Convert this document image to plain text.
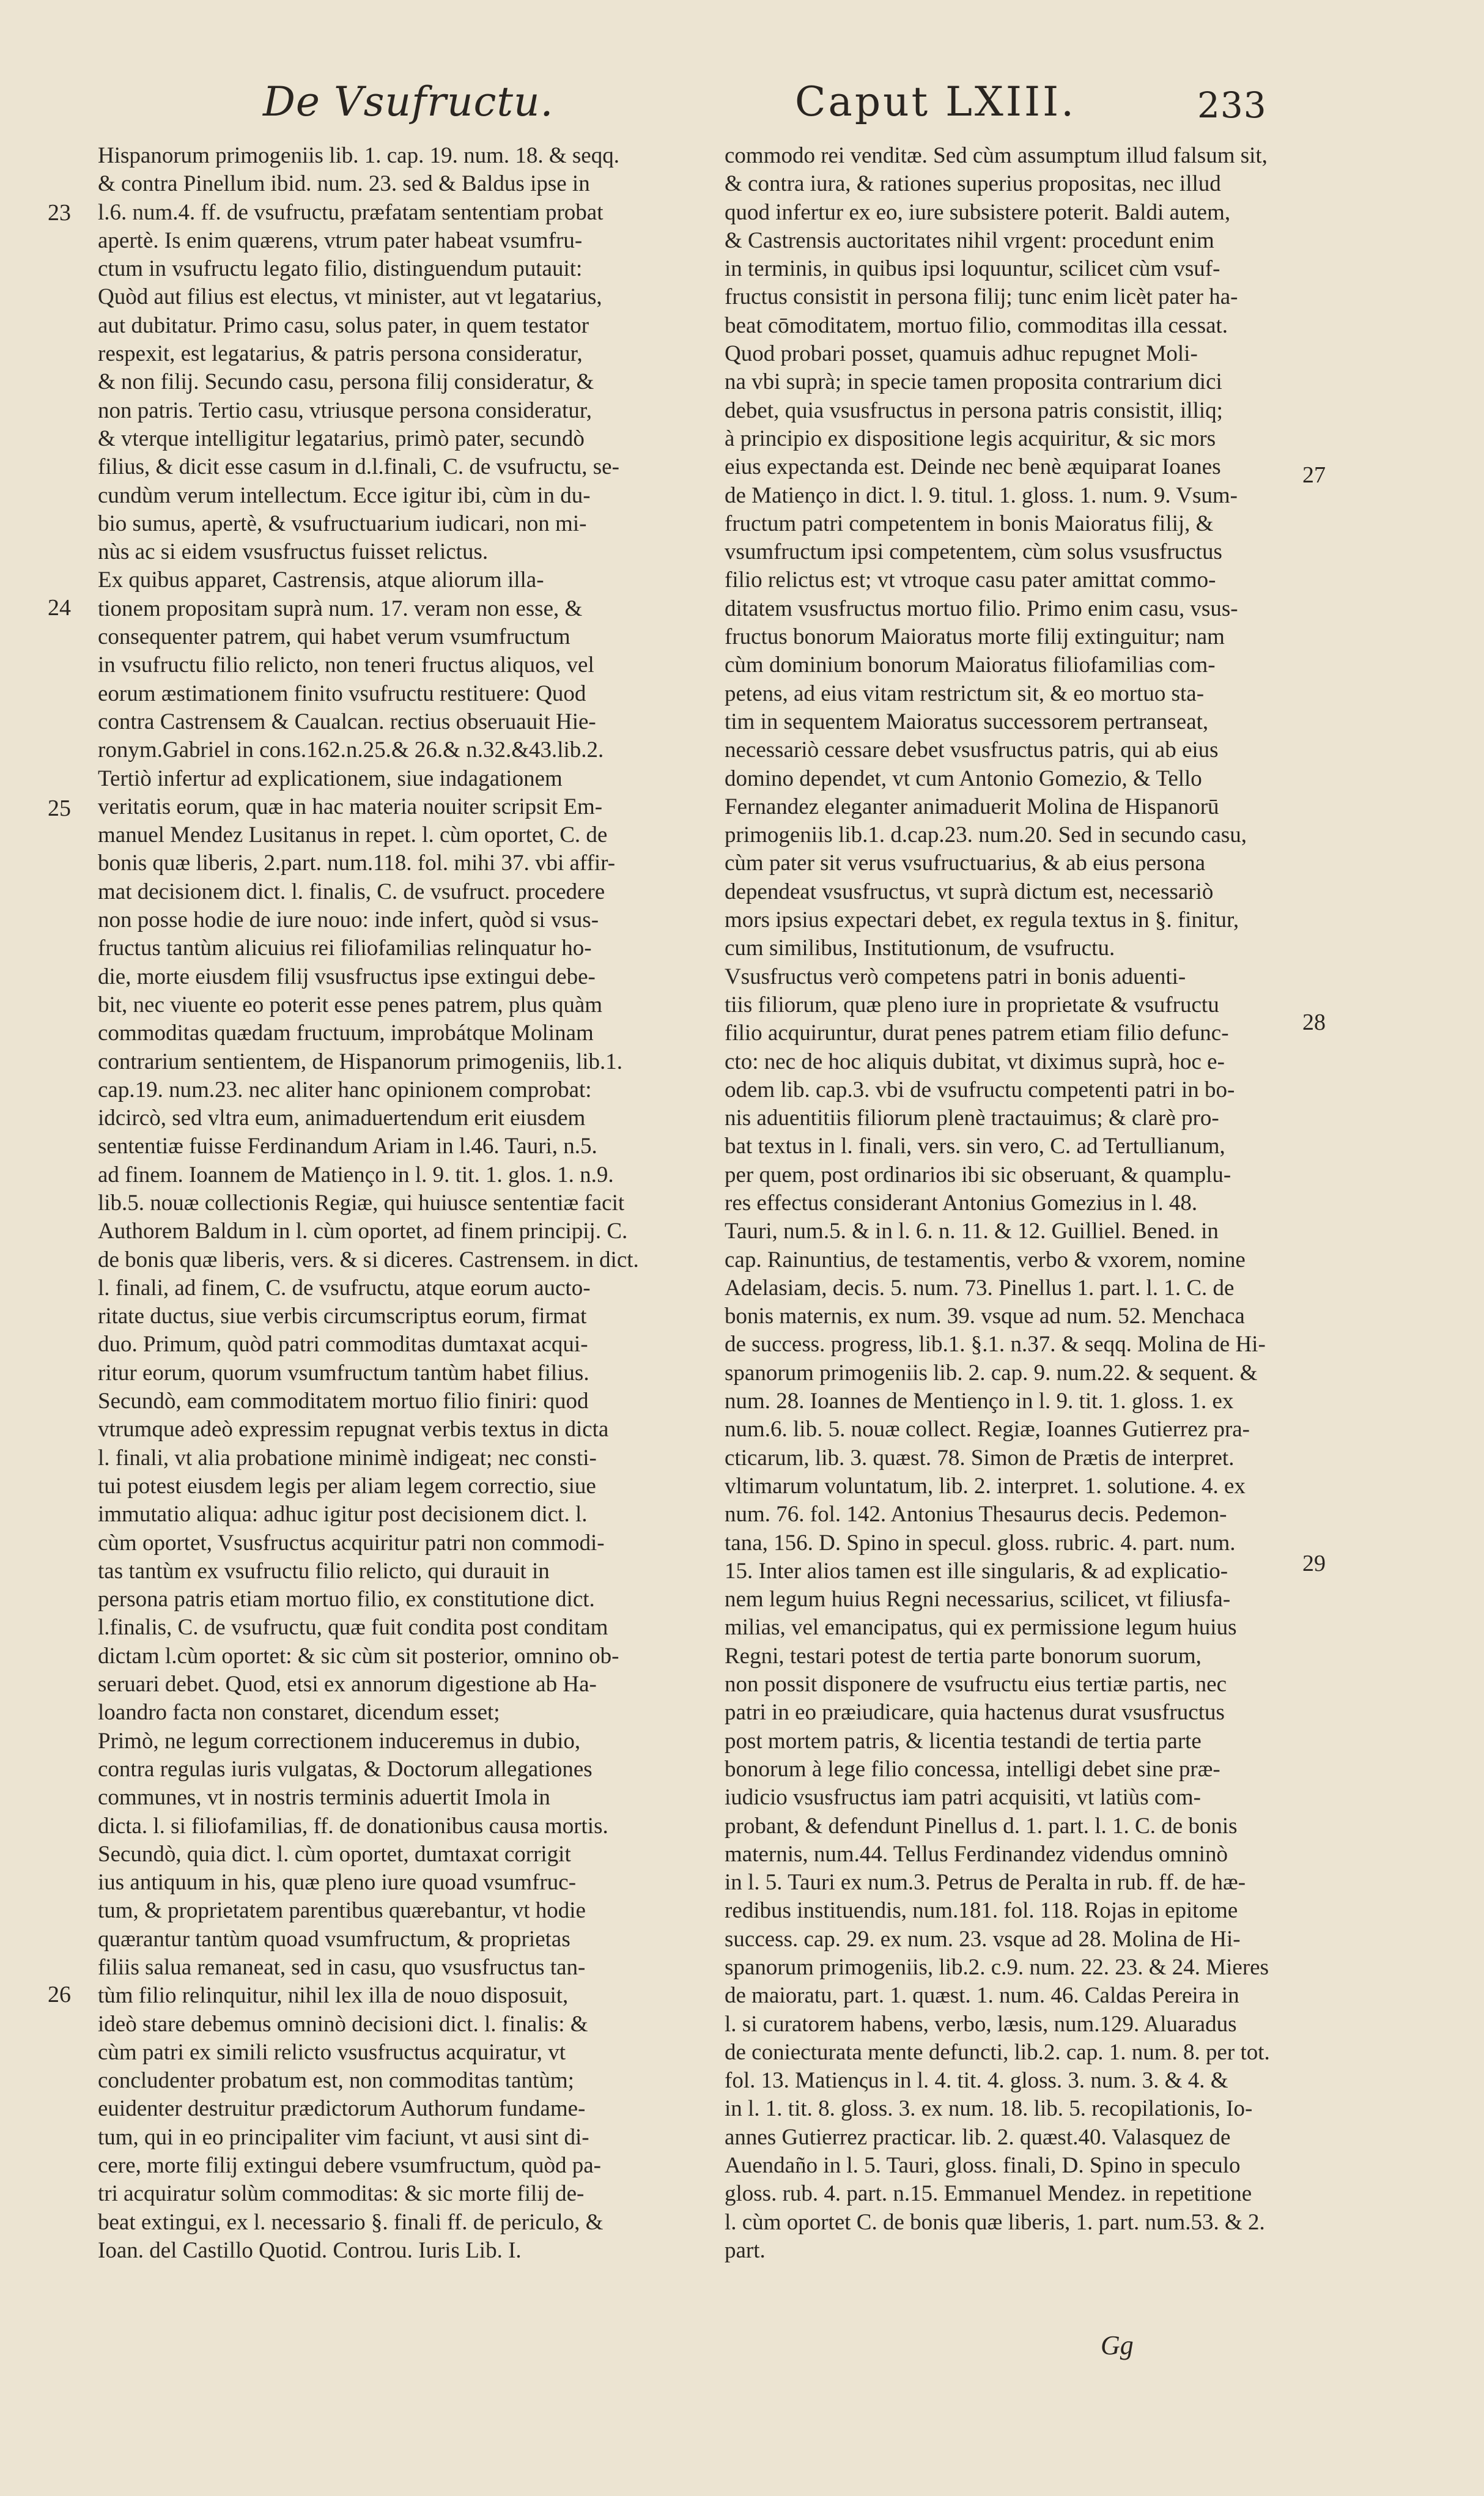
De Vsufructu.	Caput LXIII.	233
Hispanorum primogeniis lib. 1. cap. 19. num. 18. & seqq.
& contra Pinellum ibid. num. 23. sed & Baldus ipse in
l.6. num.4. ff. de vsufructu, præfatam sententiam probat
apertè. Is enim quærens, vtrum pater habeat vsumfru-
ctum in vsufructu legato filio, distinguendum putauit:
Quòd aut filius est electus, vt minister, aut vt legatarius,
aut dubitatur. Primo casu, solus pater, in quem testator
respexit, est legatarius, & patris persona consideratur,
& non filij. Secundo casu, persona filij consideratur, &
non patris. Tertio casu, vtriusque persona consideratur,
& vterque intelligitur legatarius, primò pater, secundò
filius, & dicit esse casum in d.l.finali, C. de vsufructu, se-
cundùm verum intellectum. Ecce igitur ibi, cùm in du-
bio sumus, apertè, & vsufructuarium iudicari, non mi-
nùs ac si eidem vsusfructus fuisset relictus.
Ex quibus apparet, Castrensis, atque aliorum illa-
tionem propositam suprà num. 17. veram non esse, &
consequenter patrem, qui habet verum vsumfructum
in vsufructu filio relicto, non teneri fructus aliquos, vel
eorum æstimationem finito vsufructu restituere: Quod
contra Castrensem & Caualcan. rectius obseruauit Hie-
ronym.Gabriel in cons.162.n.25.& 26.& n.32.&43.lib.2.
Tertiò infertur ad explicationem, siue indagationem
veritatis eorum, quæ in hac materia nouiter scripsit Em-
manuel Mendez Lusitanus in repet. l. cùm oportet, C. de
bonis quæ liberis, 2.part. num.118. fol. mihi 37. vbi affir-
mat decisionem dict. l. finalis, C. de vsufruct. procedere
non posse hodie de iure nouo: inde infert, quòd si vsus-
fructus tantùm alicuius rei filiofamilias relinquatur ho-
die, morte eiusdem filij vsusfructus ipse extingui debe-
bit, nec viuente eo poterit esse penes patrem, plus quàm
commoditas quædam fructuum, improbátque Molinam
contrarium sentientem, de Hispanorum primogeniis, lib.1.
cap.19. num.23. nec aliter hanc opinionem comprobat:
idcircò, sed vltra eum, animaduertendum erit eiusdem
sententiæ fuisse Ferdinandum Ariam in l.46. Tauri, n.5.
ad finem. Ioannem de Matienço in l. 9. tit. 1. glos. 1. n.9.
lib.5. nouæ collectionis Regiæ, qui huiusce sententiæ facit
Authorem Baldum in l. cùm oportet, ad finem principij. C.
de bonis quæ liberis, vers. & si diceres. Castrensem. in dict.
l. finali, ad finem, C. de vsufructu, atque eorum aucto-
ritate ductus, siue verbis circumscriptus eorum, firmat
duo. Primum, quòd patri commoditas dumtaxat acqui-
ritur eorum, quorum vsumfructum tantùm habet filius.
Secundò, eam commoditatem mortuo filio finiri: quod
vtrumque adeò expressim repugnat verbis textus in dicta
l. finali, vt alia probatione minimè indigeat; nec consti-
tui potest eiusdem legis per aliam legem correctio, siue
immutatio aliqua: adhuc igitur post decisionem dict. l.
cùm oportet, Vsusfructus acquiritur patri non commodi-
tas tantùm ex vsufructu filio relicto, qui durauit in
persona patris etiam mortuo filio, ex constitutione dict.
l.finalis, C. de vsufructu, quæ fuit condita post conditam
dictam l.cùm oportet: & sic cùm sit posterior, omnino ob-
seruari debet. Quod, etsi ex annorum digestione ab Ha-
loandro facta non constaret, dicendum esset;
Primò, ne legum correctionem induceremus in dubio,
contra regulas iuris vulgatas, & Doctorum allegationes
communes, vt in nostris terminis aduertit Imola in
dicta. l. si filiofamilias, ff. de donationibus causa mortis.
Secundò, quia dict. l. cùm oportet, dumtaxat corrigit
ius antiquum in his, quæ pleno iure quoad vsumfruc-
tum, & proprietatem parentibus quærebantur, vt hodie
quærantur tantùm quoad vsumfructum, & proprietas
filiis salua remaneat, sed in casu, quo vsusfructus tan-
tùm filio relinquitur, nihil lex illa de nouo disposuit,
ideò stare debemus omninò decisioni dict. l. finalis: &
cùm patri ex simili relicto vsusfructus acquiratur, vt
concludenter probatum est, non commoditas tantùm;
euidenter destruitur prædictorum Authorum fundame-
tum, qui in eo principaliter vim faciunt, vt ausi sint di-
cere, morte filij extingui debere vsumfructum, quòd pa-
tri acquiratur solùm commoditas: & sic morte filij de-
beat extingui, ex l. necessario §. finali ff. de periculo, &
Ioan. del Castillo Quotid. Controu. Iuris Lib. I.
commodo rei venditæ. Sed cùm assumptum illud falsum sit,
& contra iura, & rationes superius propositas, nec illud
quod infertur ex eo, iure subsistere poterit. Baldi autem,
& Castrensis auctoritates nihil vrgent: procedunt enim
in terminis, in quibus ipsi loquuntur, scilicet cùm vsuf-
fructus consistit in persona filij; tunc enim licèt pater ha-
beat cōmoditatem, mortuo filio, commoditas illa cessat.
Quod probari posset, quamuis adhuc repugnet Moli-
na vbi suprà; in specie tamen proposita contrarium dici
debet, quia vsusfructus in persona patris consistit, illiq;
à principio ex dispositione legis acquiritur, & sic mors
eius expectanda est. Deinde nec benè æquiparat Ioanes
de Matienço in dict. l. 9. titul. 1. gloss. 1. num. 9. Vsum-
fructum patri competentem in bonis Maioratus filij, &
vsumfructum ipsi competentem, cùm solus vsusfructus
filio relictus est; vt vtroque casu pater amittat commo-
ditatem vsusfructus mortuo filio. Primo enim casu, vsus-
fructus bonorum Maioratus morte filij extinguitur; nam
cùm dominium bonorum Maioratus filiofamilias com-
petens, ad eius vitam restrictum sit, & eo mortuo sta-
tim in sequentem Maioratus successorem pertranseat,
necessariò cessare debet vsusfructus patris, qui ab eius
domino dependet, vt cum Antonio Gomezio, & Tello
Fernandez eleganter animaduerit Molina de Hispanorū
primogeniis lib.1. d.cap.23. num.20. Sed in secundo casu,
cùm pater sit verus vsufructuarius, & ab eius persona
dependeat vsusfructus, vt suprà dictum est, necessariò
mors ipsius expectari debet, ex regula textus in §. finitur,
cum similibus, Institutionum, de vsufructu.
Vsusfructus verò competens patri in bonis aduenti-
tiis filiorum, quæ pleno iure in proprietate & vsufructu
filio acquiruntur, durat penes patrem etiam filio defunc-
cto: nec de hoc aliquis dubitat, vt diximus suprà, hoc e-
odem lib. cap.3. vbi de vsufructu competenti patri in bo-
nis aduentitiis filiorum plenè tractauimus; & clarè pro-
bat textus in l. finali, vers. sin vero, C. ad Tertullianum,
per quem, post ordinarios ibi sic obseruant, & quamplu-
res effectus considerant Antonius Gomezius in l. 48.
Tauri, num.5. & in l. 6. n. 11. & 12. Guilliel. Bened. in
cap. Rainuntius, de testamentis, verbo & vxorem, nomine
Adelasiam, decis. 5. num. 73. Pinellus 1. part. l. 1. C. de
bonis maternis, ex num. 39. vsque ad num. 52. Menchaca
de success. progress, lib.1. §.1. n.37. & seqq. Molina de Hi-
spanorum primogeniis lib. 2. cap. 9. num.22. & sequent. &
num. 28. Ioannes de Mentienço in l. 9. tit. 1. gloss. 1. ex
num.6. lib. 5. nouæ collect. Regiæ, Ioannes Gutierrez pra-
cticarum, lib. 3. quæst. 78. Simon de Prætis de interpret.
vltimarum voluntatum, lib. 2. interpret. 1. solutione. 4. ex
num. 76. fol. 142. Antonius Thesaurus decis. Pedemon-
tana, 156. D. Spino in specul. gloss. rubric. 4. part. num.
15. Inter alios tamen est ille singularis, & ad explicatio-
nem legum huius Regni necessarius, scilicet, vt filiusfa-
milias, vel emancipatus, qui ex permissione legum huius
Regni, testari potest de tertia parte bonorum suorum,
non possit disponere de vsufructu eius tertiæ partis, nec
patri in eo præiudicare, quia hactenus durat vsusfructus
post mortem patris, & licentia testandi de tertia parte
bonorum à lege filio concessa, intelligi debet sine præ-
iudicio vsusfructus iam patri acquisiti, vt latiùs com-
probant, & defendunt Pinellus d. 1. part. l. 1. C. de bonis
maternis, num.44. Tellus Ferdinandez videndus omninò
in l. 5. Tauri ex num.3. Petrus de Peralta in rub. ff. de hæ-
redibus instituendis, num.181. fol. 118. Rojas in epitome
success. cap. 29. ex num. 23. vsque ad 28. Molina de Hi-
spanorum primogeniis, lib.2. c.9. num. 22. 23. & 24. Mieres
de maioratu, part. 1. quæst. 1. num. 46. Caldas Pereira in
l. si curatorem habens, verbo, læsis, num.129. Aluaradus
de coniecturata mente defuncti, lib.2. cap. 1. num. 8. per tot.
fol. 13. Matienςus in l. 4. tit. 4. gloss. 3. num. 3. & 4. &
in l. 1. tit. 8. gloss. 3. ex num. 18. lib. 5. recopilationis, Io-
annes Gutierrez practicar. lib. 2. quæst.40. Valasquez de
Auendaño in l. 5. Tauri, gloss. finali, D. Spino in speculo
gloss. rub. 4. part. n.15. Emmanuel Mendez. in repetitione
l. cùm oportet C. de bonis quæ liberis, 1. part. num.53. & 2.
part.
23
24
25
26
27
28
29
Gg
